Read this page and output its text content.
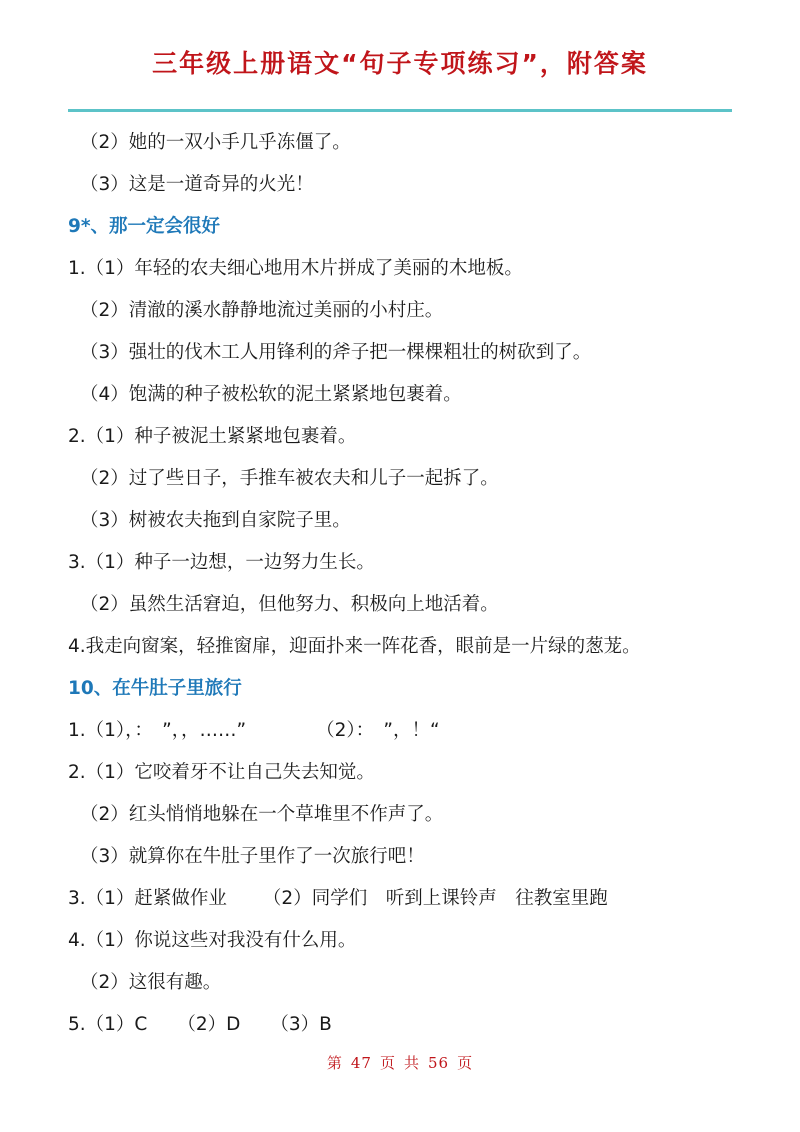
三年级上册语文“句子专项练习”，附答案
（2）她的一双小手几乎冻僵了。
（3）这是一道奇异的火光！
9*、那一定会很好
1.（1）年轻的农夫细心地用木片拼成了美丽的木地板。
（2）清澈的溪水静静地流过美丽的小村庄。
（3）强壮的伐木工人用锋利的斧子把一棵棵粗壮的树砍到了。
（4）饱满的种子被松软的泥土紧紧地包裹着。
2.（1）种子被泥土紧紧地包裹着。
（2）过了些日子，手推车被农夫和儿子一起拆了。
（3）树被农夫拖到自家院子里。
3.（1）种子一边想，一边努力生长。
（2）虽然生活窘迫，但他努力、积极向上地活着。
4.我走向窗案，轻推窗扉，迎面扑来一阵花香，眼前是一片绿的葱茏。
10、在牛肚子里旅行
1.（1），：　”，，……”	（2）：　”，！“
2.（1）它咬着牙不让自己失去知觉。
（2）红头悄悄地躲在一个草堆里不作声了。
（3）就算你在牛肚子里作了一次旅行吧！
3.（1）赶紧做作业 （2）同学们　听到上课铃声　往教室里跑
4.（1）你说这些对我没有什么用。
（2）这很有趣。
5.（1）C （2）D （3）B
第 47 页 共 56 页
